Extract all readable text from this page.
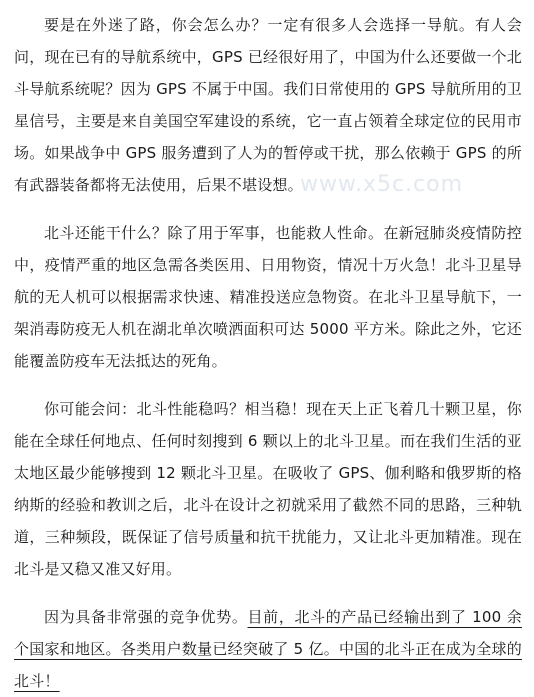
要是在外迷了路，你会怎么办？一定有很多人会选择一导航。有人会问，现在已有的导航系统中，GPS 已经很好用了，中国为什么还要做一个北斗导航系统呢？因为 GPS 不属于中国。我们日常使用的 GPS 导航所用的卫星信号，主要是来自美国空军建设的系统，它一直占领着全球定位的民用市场。如果战争中 GPS 服务遭到了人为的暂停或干扰，那么依赖于 GPS 的所有武器装备都将无法使用，后果不堪设想。

北斗还能干什么？除了用于军事，也能救人性命。在新冠肺炎疫情防控中，疫情严重的地区急需各类医用、日用物资，情况十万火急！北斗卫星导航的无人机可以根据需求快速、精准投送应急物资。在北斗卫星导航下，一架消毒防疫无人机在湖北单次喷洒面积可达 5000 平方米。除此之外，它还能覆盖防疫车无法抵达的死角。

你可能会问：北斗性能稳吗？相当稳！现在天上正飞着几十颗卫星，你能在全球任何地点、任何时刻搜到 6 颗以上的北斗卫星。而在我们生活的亚太地区最少能够搜到 12 颗北斗卫星。在吸收了 GPS、伽利略和俄罗斯的格纳斯的经验和教训之后，北斗在设计之初就采用了截然不同的思路，三种轨道，三种频段，既保证了信号质量和抗干扰能力，又让北斗更加精准。现在北斗是又稳又准又好用。

因为具备非常强的竞争优势。目前，北斗的产品已经输出到了 100 余个国家和地区。各类用户数量已经突破了 5 亿。中国的北斗正在成为全球的北斗！

www.x5c.com
